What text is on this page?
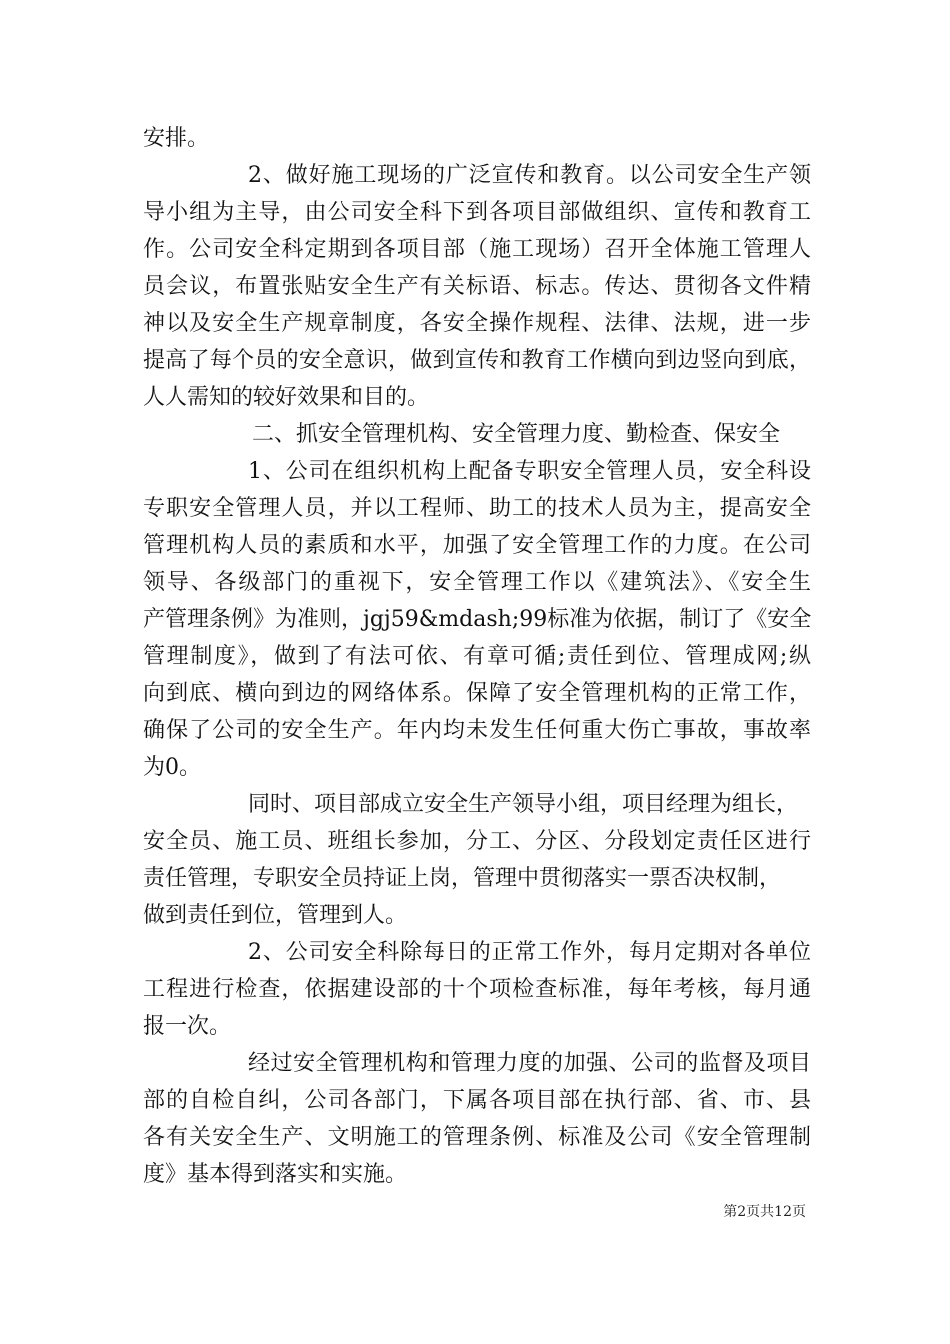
安排。
2、做好施工现场的广泛宣传和教育。以公司安全生产领
导小组为主导，由公司安全科下到各项目部做组织、宣传和教育工
作。公司安全科定期到各项目部（施工现场）召开全体施工管理人
员会议，布置张贴安全生产有关标语、标志。传达、贯彻各文件精
神以及安全生产规章制度，各安全操作规程、法律、法规，进一步
提高了每个员的安全意识，做到宣传和教育工作横向到边竖向到底，
人人需知的较好效果和目的。
二、抓安全管理机构、安全管理力度、勤检查、保安全
1、公司在组织机构上配备专职安全管理人员，安全科设
专职安全管理人员，并以工程师、助工的技术人员为主，提高安全
管理机构人员的素质和水平，加强了安全管理工作的力度。在公司
领导、各级部门的重视下，安全管理工作以《建筑法》、《安全生
产管理条例》为准则，jgj59&mdash;99标准为依据，制订了《安全
管理制度》，做到了有法可依、有章可循;责任到位、管理成网;纵
向到底、横向到边的网络体系。保障了安全管理机构的正常工作，
确保了公司的安全生产。年内均未发生任何重大伤亡事故，事故率
为0。
同时、项目部成立安全生产领导小组，项目经理为组长，
安全员、施工员、班组长参加，分工、分区、分段划定责任区进行
责任管理，专职安全员持证上岗，管理中贯彻落实一票否决权制，
做到责任到位，管理到人。
2、公司安全科除每日的正常工作外，每月定期对各单位
工程进行检查，依据建设部的十个项检查标准，每年考核，每月通
报一次。
经过安全管理机构和管理力度的加强、公司的监督及项目
部的自检自纠，公司各部门，下属各项目部在执行部、省、市、县
各有关安全生产、文明施工的管理条例、标准及公司《安全管理制
度》基本得到落实和实施。
第2页共12页
